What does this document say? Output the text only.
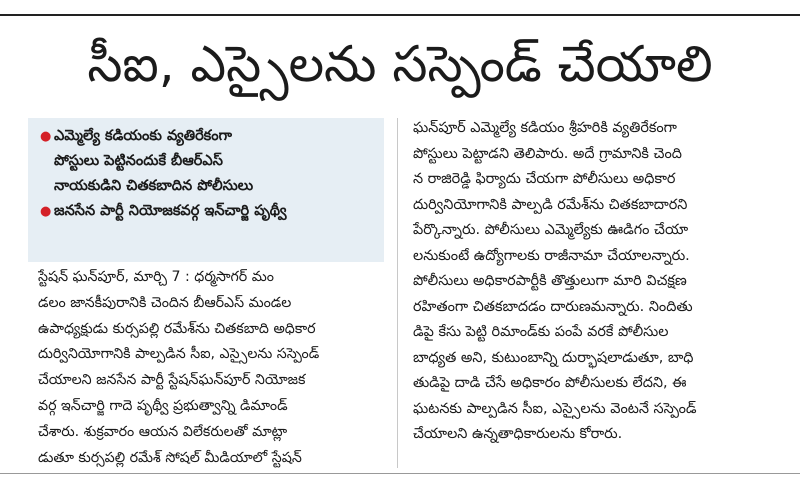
సీఐ, ఎస్సైలను సస్పెండ్ చేయాలి
● ఎమ్మెల్యే కడియంకు వ్యతిరేకంగా
పోస్టులు పెట్టినందుకే బీఆర్ఎస్
నాయకుడిని చితకబాదిన పోలీసులు
● జనసేన పార్టీ నియోజకవర్గ ఇన్‌చార్జి పృథ్వీ
స్టేషన్ ఘన్‌పూర్, మార్చి 7 : ధర్మసాగర్ మం
డలం జానకీపురానికి చెందిన బీఆర్ఎస్ మండల
ఉపాధ్యక్షుడు కుర్సపల్లి రమేశ్‌ను చితకబాది అధికార
దుర్వినియోగానికి పాల్పడిన సీఐ, ఎస్సైలను సస్పెండ్
చేయాలని జనసేన పార్టీ స్టేషన్‌ఘన్‌పూర్ నియోజక
వర్గ ఇన్‌చార్జి గాదె పృథ్వీ ప్రభుత్వాన్ని డిమాండ్
చేశారు. శుక్రవారం ఆయన విలేకరులతో మాట్లా
డుతూ కుర్సపల్లి రమేశ్ సోషల్ మీడియాలో స్టేషన్
ఘన్‌పూర్ ఎమ్మెల్యే కడియం శ్రీహరికి వ్యతిరేకంగా
పోస్టులు పెట్టాడని తెలిపారు. అదే గ్రామానికి చెంది
న రాజిరెడ్డి ఫిర్యాదు చేయగా పోలీసులు అధికార
దుర్వినియోగానికి పాల్పడి రమేశ్‌ను చితకబాదారని
పేర్కొన్నారు. పోలీసులు ఎమ్మెల్యేకు ఊడిగం చేయా
లనుకుంటే ఉద్యోగాలకు రాజీనామా చేయాలన్నారు.
పోలీసులు అధికారపార్టీకి తొత్తులుగా మారి విచక్షణ
రహితంగా చితకబాదడం దారుణమన్నారు. నిందితు
డిపై కేసు పెట్టి రిమాండ్‌కు పంపే వరకే పోలీసుల
బాధ్యత అని, కుటుంబాన్ని దుర్భాషలాడుతూ, బాధి
తుడిపై దాడి చేసే అధికారం పోలీసులకు లేదని, ఈ
ఘటనకు పాల్పడిన సీఐ, ఎస్సైలను వెంటనే సస్పెండ్
చేయాలని ఉన్నతాధికారులను కోరారు.
